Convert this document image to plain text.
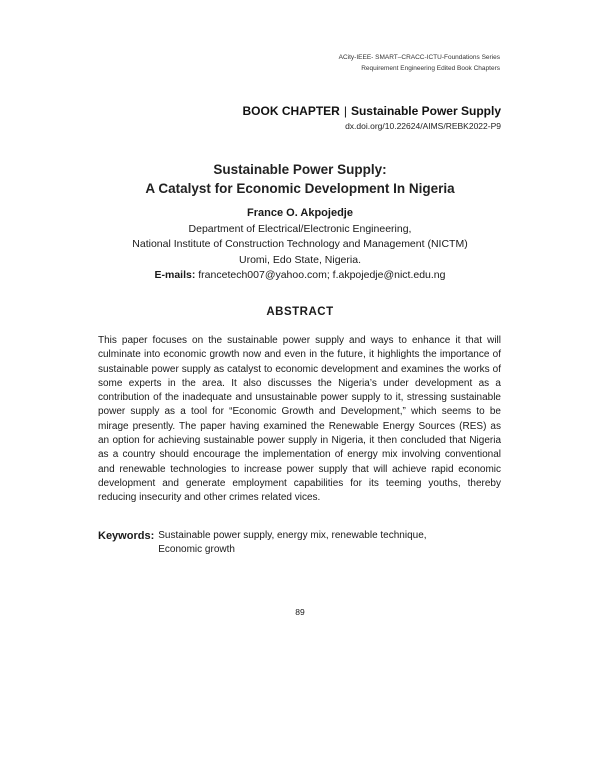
ACity-IEEE- SMART–CRACC-ICTU-Foundations Series
Requirement Engineering Edited Book Chapters
BOOK CHAPTER | Sustainable Power Supply
dx.doi.org/10.22624/AIMS/REBK2022-P9
Sustainable Power Supply:
A Catalyst for Economic Development In Nigeria
France O. Akpojedje
Department of Electrical/Electronic Engineering,
National Institute of Construction Technology and Management (NICTM)
Uromi, Edo State, Nigeria.
E-mails: francetech007@yahoo.com; f.akpojedje@nict.edu.ng
ABSTRACT
This paper focuses on the sustainable power supply and ways to enhance it that will culminate into economic growth now and even in the future, it highlights the importance of sustainable power supply as catalyst to economic development and examines the works of some experts in the area. It also discusses the Nigeria’s under development as a contribution of the inadequate and unsustainable power supply to it, stressing sustainable power supply as a tool for “Economic Growth and Development,” which seems to be mirage presently. The paper having examined the Renewable Energy Sources (RES) as an option for achieving sustainable power supply in Nigeria, it then concluded that Nigeria as a country should encourage the implementation of energy mix involving conventional and renewable technologies to increase power supply that will achieve rapid economic development and generate employment capabilities for its teeming youths, thereby reducing insecurity and other crimes related vices.
Keywords: Sustainable power supply, energy mix, renewable technique,
Economic growth
89
